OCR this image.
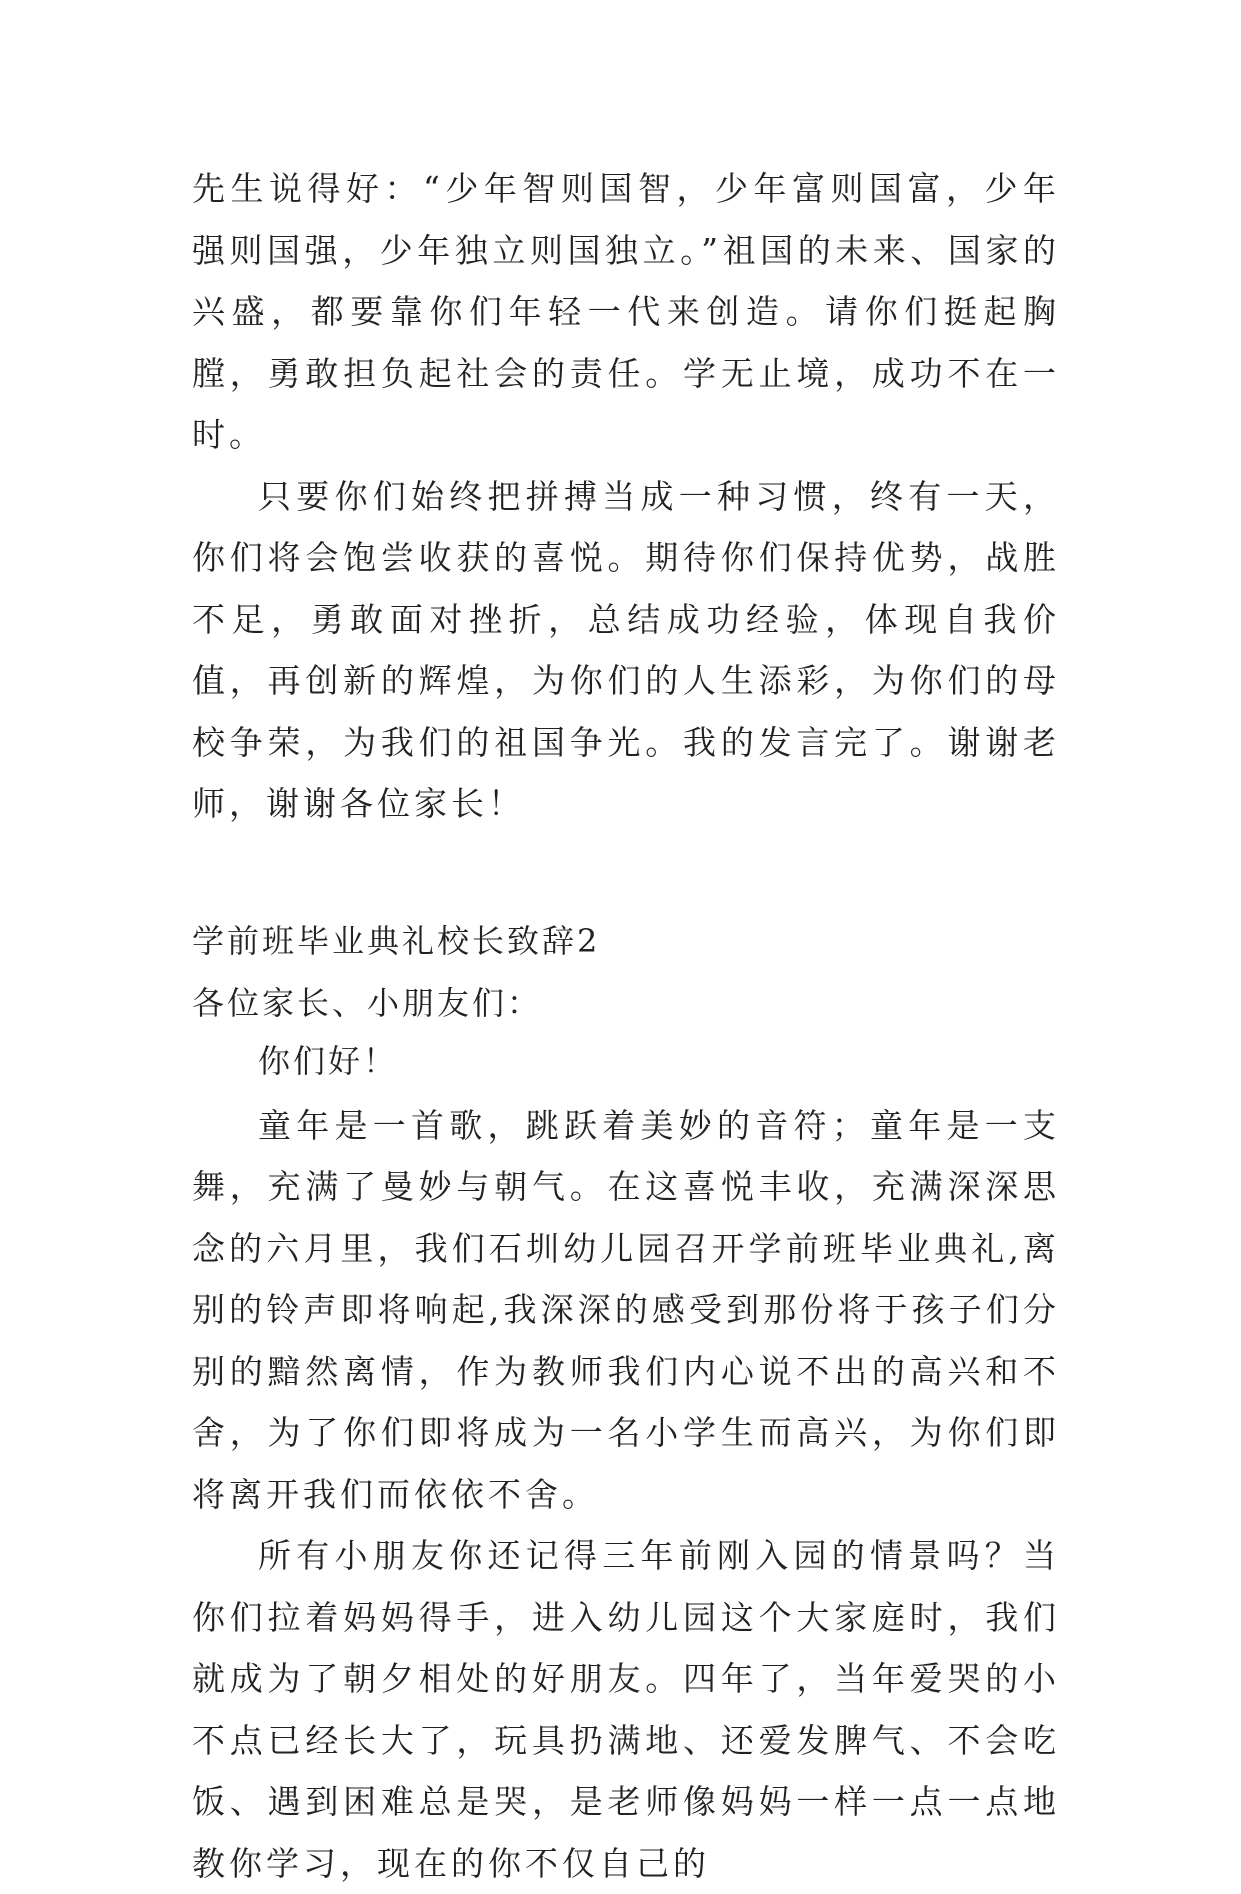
先生说得好：“少年智则国智，少年富则国富，少年强则国强，少年独立则国独立。”祖国的未来、国家的兴盛，都要靠你们年轻一代来创造。请你们挺起胸膛，勇敢担负起社会的责任。学无止境，成功不在一时。

只要你们始终把拼搏当成一种习惯，终有一天，你们将会饱尝收获的喜悦。期待你们保持优势，战胜不足，勇敢面对挫折，总结成功经验，体现自我价值，再创新的辉煌，为你们的人生添彩，为你们的母校争荣，为我们的祖国争光。我的发言完了。谢谢老师，谢谢各位家长！

学前班毕业典礼校长致辞2

各位家长、小朋友们：

你们好！

童年是一首歌，跳跃着美妙的音符；童年是一支舞，充满了曼妙与朝气。在这喜悦丰收，充满深深思念的六月里，我们石圳幼儿园召开学前班毕业典礼,离别的铃声即将响起,我深深的感受到那份将于孩子们分别的黯然离情，作为教师我们内心说不出的高兴和不舍，为了你们即将成为一名小学生而高兴，为你们即将离开我们而依依不舍。

所有小朋友你还记得三年前刚入园的情景吗？当你们拉着妈妈得手，进入幼儿园这个大家庭时，我们就成为了朝夕相处的好朋友。四年了，当年爱哭的小不点已经长大了，玩具扔满地、还爱发脾气、不会吃饭、遇到困难总是哭，是老师像妈妈一样一点一点地教你学习，现在的你不仅自己的
